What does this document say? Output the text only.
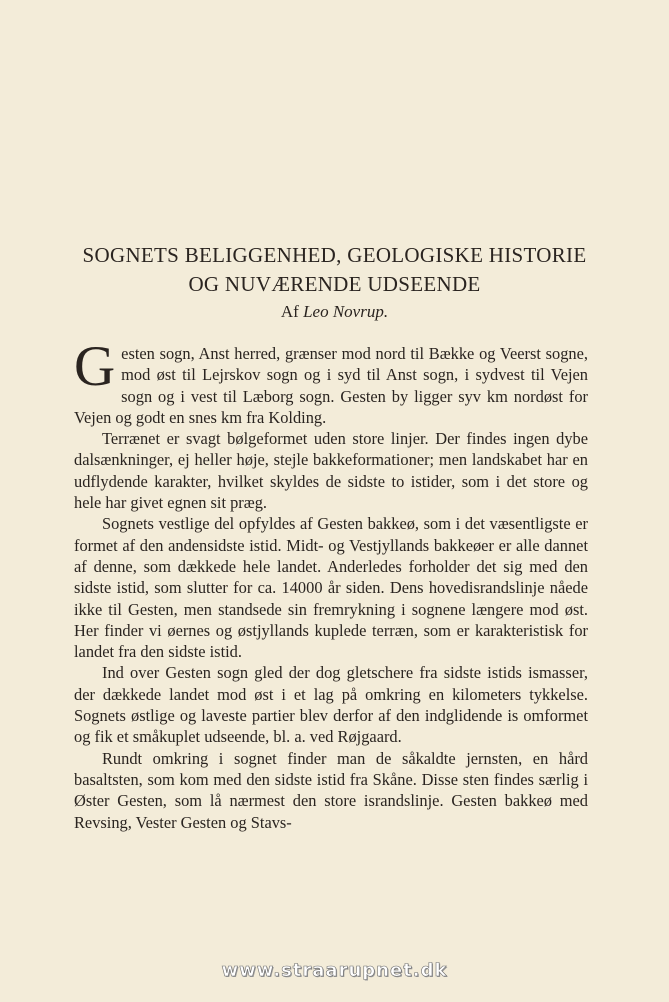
SOGNETS BELIGGENHED, GEOLOGISKE HISTORIE
OG NUVÆRENDE UDSEENDE
Af Leo Novrup.

Gesten sogn, Anst herred, grænser mod nord til Bække og Veerst sogne, mod øst til Lejrskov sogn og i syd til Anst sogn, i sydvest til Vejen sogn og i vest til Læborg sogn. Gesten by ligger syv km nordøst for Vejen og godt en snes km fra Kolding.

Terrænet er svagt bølgeformet uden store linjer. Der findes ingen dybe dalsænkninger, ej heller høje, stejle bakkeformationer; men landskabet har en udflydende karakter, hvilket skyldes de sidste to istider, som i det store og hele har givet egnen sit præg.

Sognets vestlige del opfyldes af Gesten bakkeø, som i det væsentligste er formet af den andensidste istid. Midt- og Vestjyllands bakkeøer er alle dannet af denne, som dækkede hele landet. Anderledes forholder det sig med den sidste istid, som slutter for ca. 14000 år siden. Dens hovedisrandslinje nåede ikke til Gesten, men standsede sin fremrykning i sognene længere mod øst. Her finder vi øernes og østjyllands kuplede terræn, som er karakteristisk for landet fra den sidste istid.

Ind over Gesten sogn gled der dog gletschere fra sidste istids ismasser, der dækkede landet mod øst i et lag på omkring en kilometers tykkelse. Sognets østlige og laveste partier blev derfor af den indglidende is omformet og fik et småkuplet udseende, bl. a. ved Røjgaard.

Rundt omkring i sognet finder man de såkaldte jernsten, en hård basaltsten, som kom med den sidste istid fra Skåne. Disse sten findes særlig i Øster Gesten, som lå nærmest den store israndslinje. Gesten bakkeø med Revsing, Vester Gesten og Stavs-

www.straarupnet.dk
